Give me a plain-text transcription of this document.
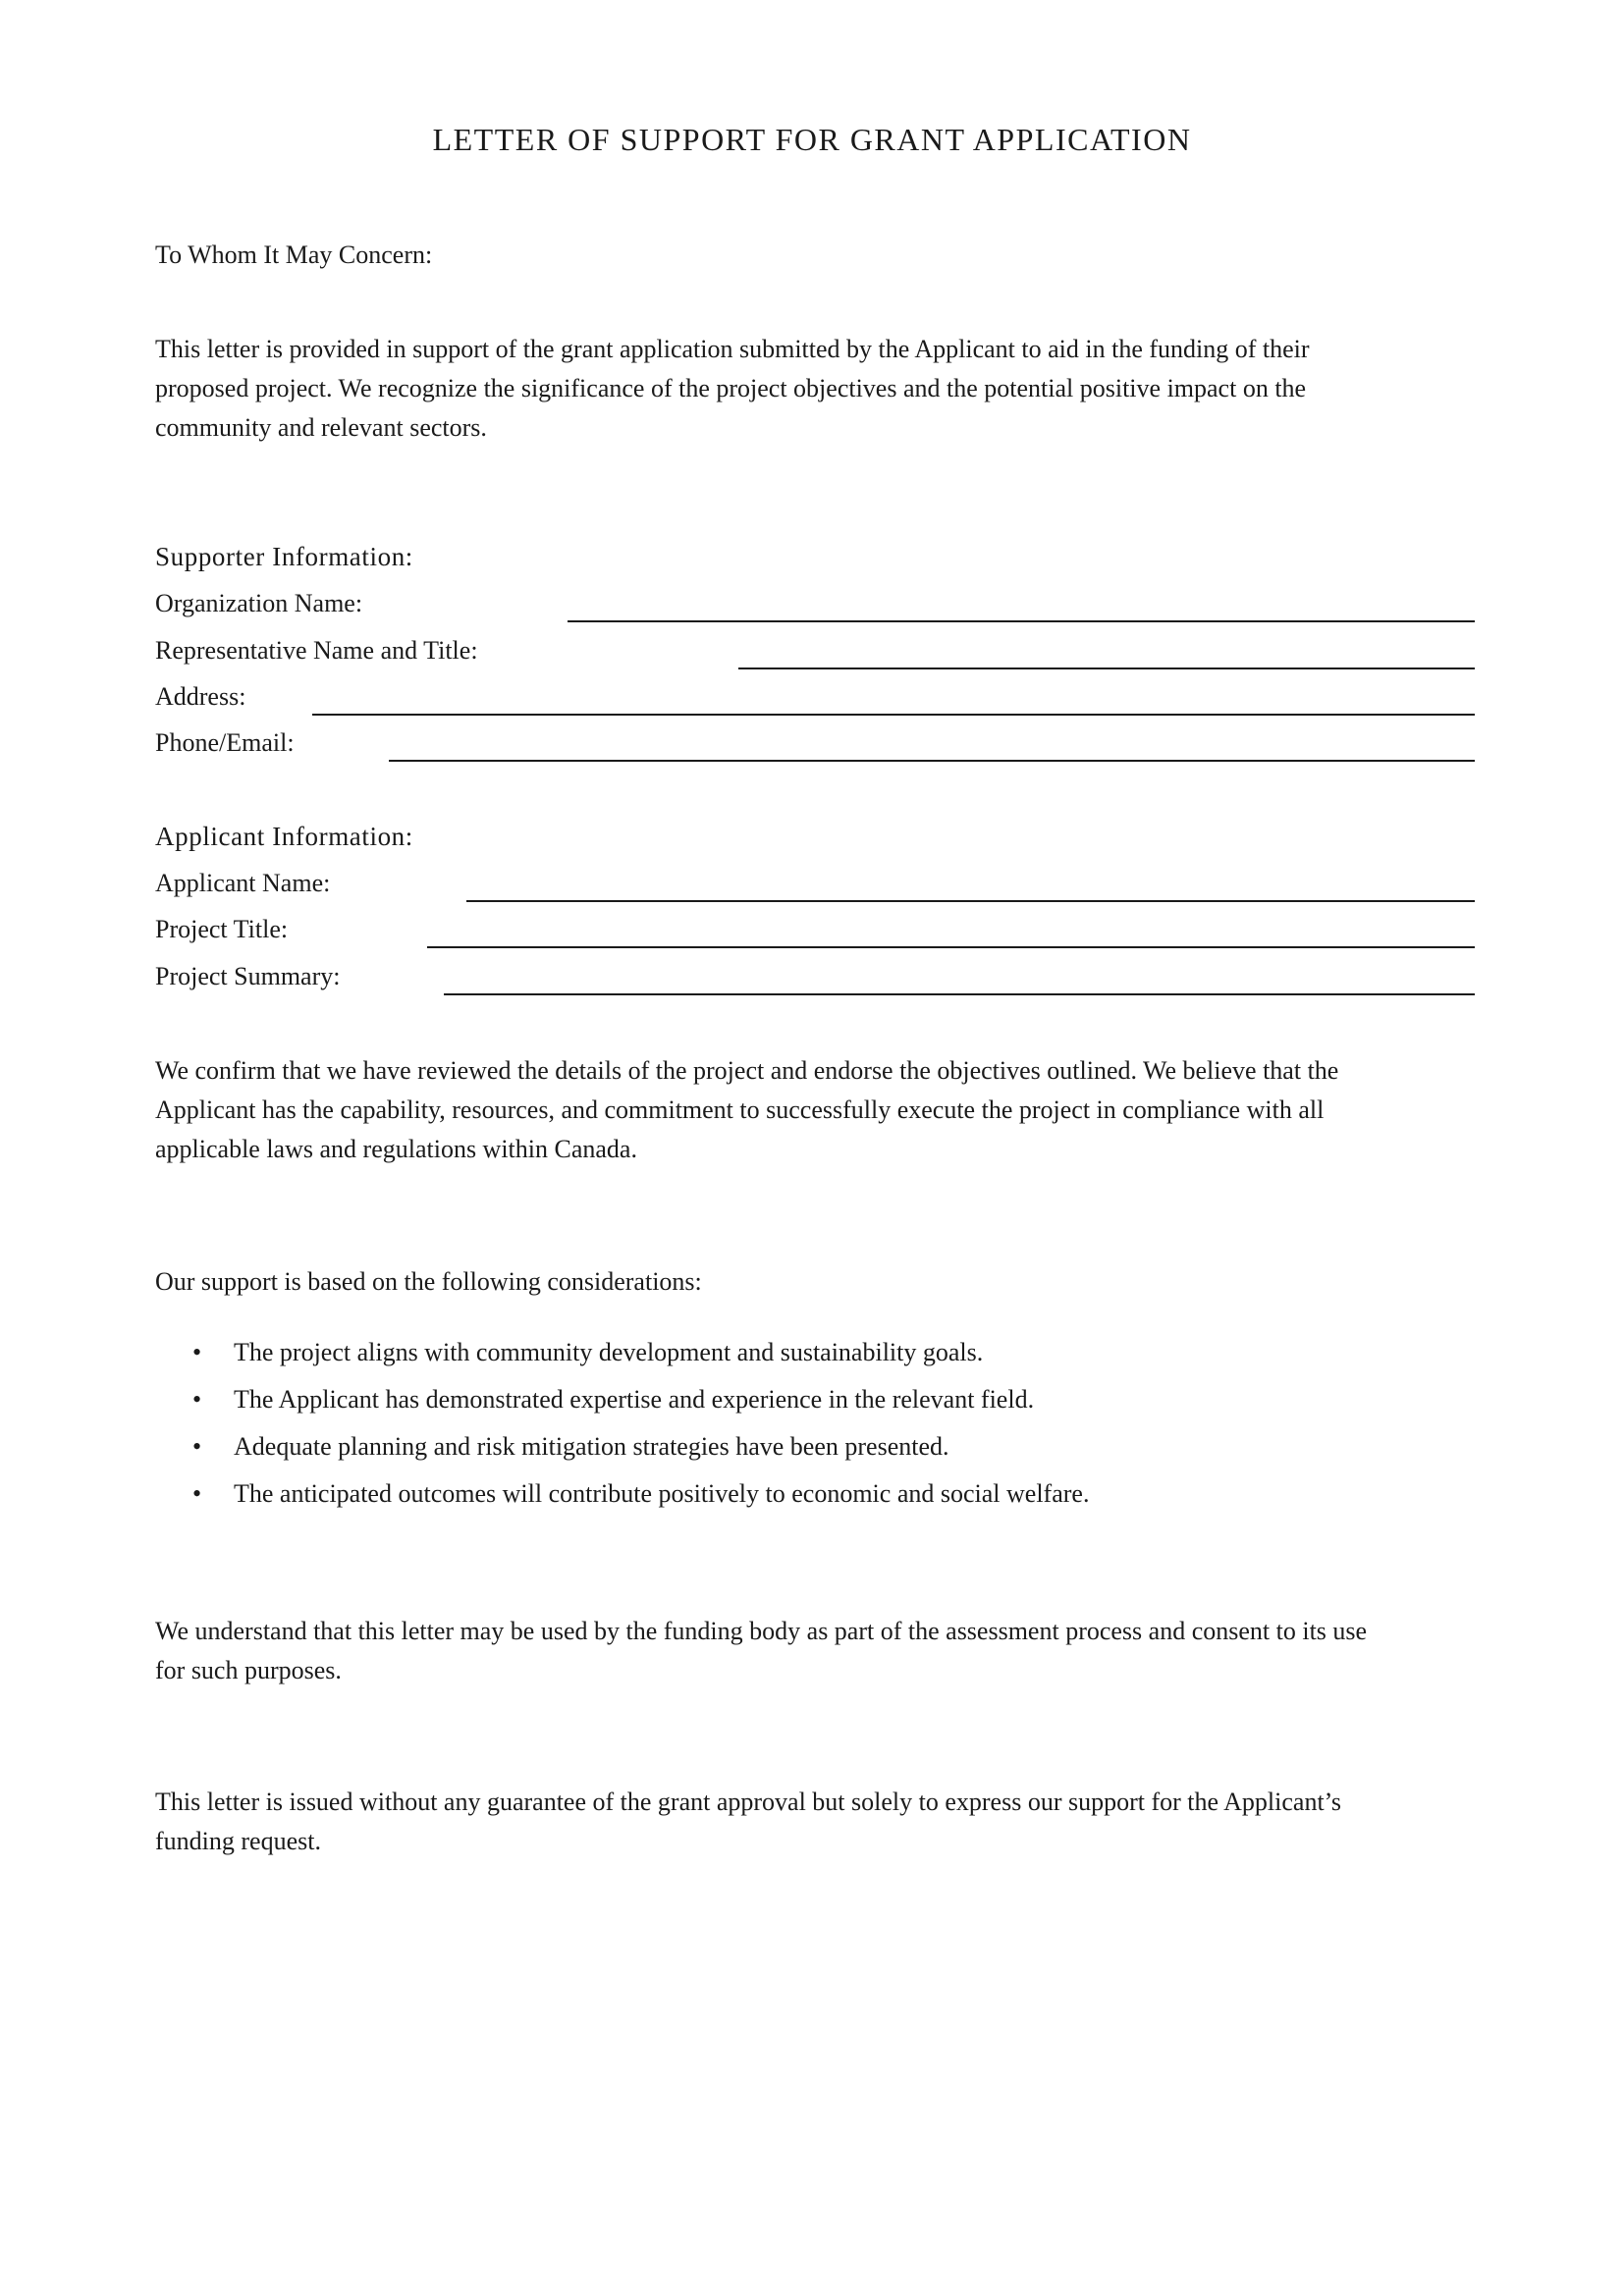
LETTER OF SUPPORT FOR GRANT APPLICATION
To Whom It May Concern:
This letter is provided in support of the grant application submitted by the Applicant to aid in the funding of their
proposed project. We recognize the significance of the project objectives and the potential positive impact on the
community and relevant sectors.
Supporter Information:
Organization Name:
Representative Name and Title:
Address:
Phone/Email:
Applicant Information:
Applicant Name:
Project Title:
Project Summary:
We confirm that we have reviewed the details of the project and endorse the objectives outlined. We believe that the
Applicant has the capability, resources, and commitment to successfully execute the project in compliance with all
applicable laws and regulations within Canada.
Our support is based on the following considerations:
• The project aligns with community development and sustainability goals.
• The Applicant has demonstrated expertise and experience in the relevant field.
• Adequate planning and risk mitigation strategies have been presented.
• The anticipated outcomes will contribute positively to economic and social welfare.
We understand that this letter may be used by the funding body as part of the assessment process and consent to its use
for such purposes.
This letter is issued without any guarantee of the grant approval but solely to express our support for the Applicant’s
funding request.
